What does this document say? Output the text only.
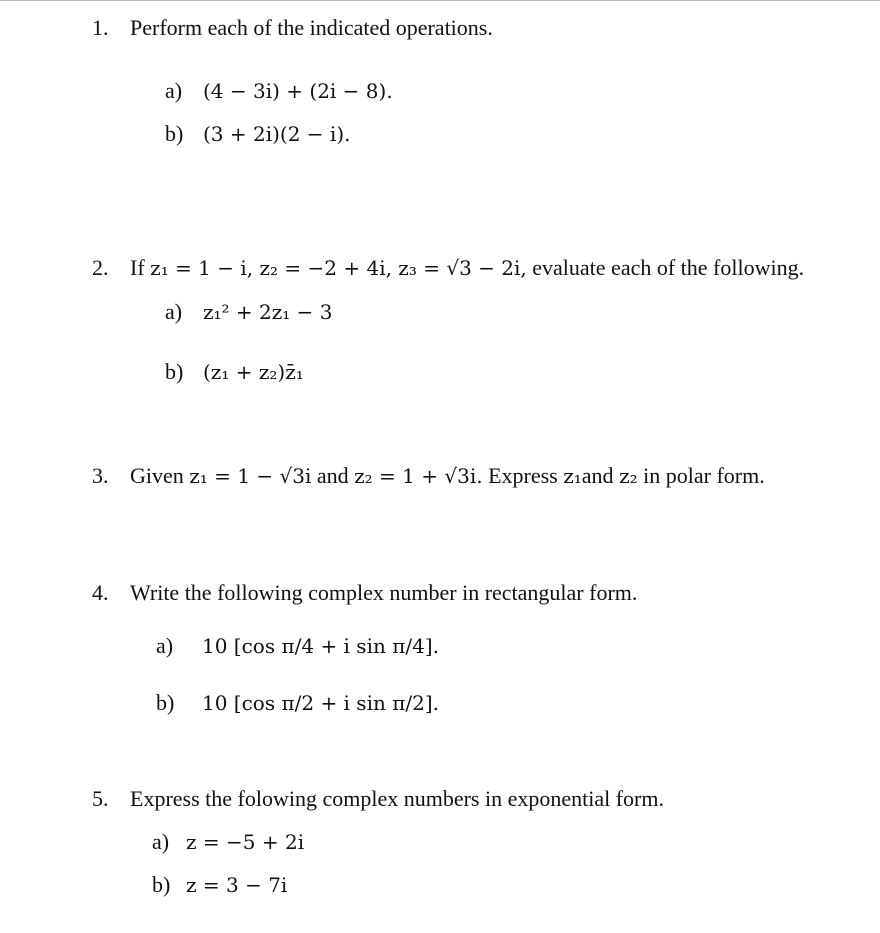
1. Perform each of the indicated operations.
a) (4 − 3i) + (2i − 8).
b) (3 + 2i)(2 − i).
2. If z₁ = 1 − i, z₂ = −2 + 4i, z₃ = √3 − 2i, evaluate each of the following.
a) z₁² + 2z₁ − 3
b) (z₁ + z₂)z̄₁
3. Given z₁ = 1 − √3i and z₂ = 1 + √3i. Express z₁and z₂ in polar form.
4. Write the following complex number in rectangular form.
a) 10 [cos π/4 + i sin π/4].
b) 10 [cos π/2 + i sin π/2].
5. Express the folowing complex numbers in exponential form.
a) z = −5 + 2i
b) z = 3 − 7i
